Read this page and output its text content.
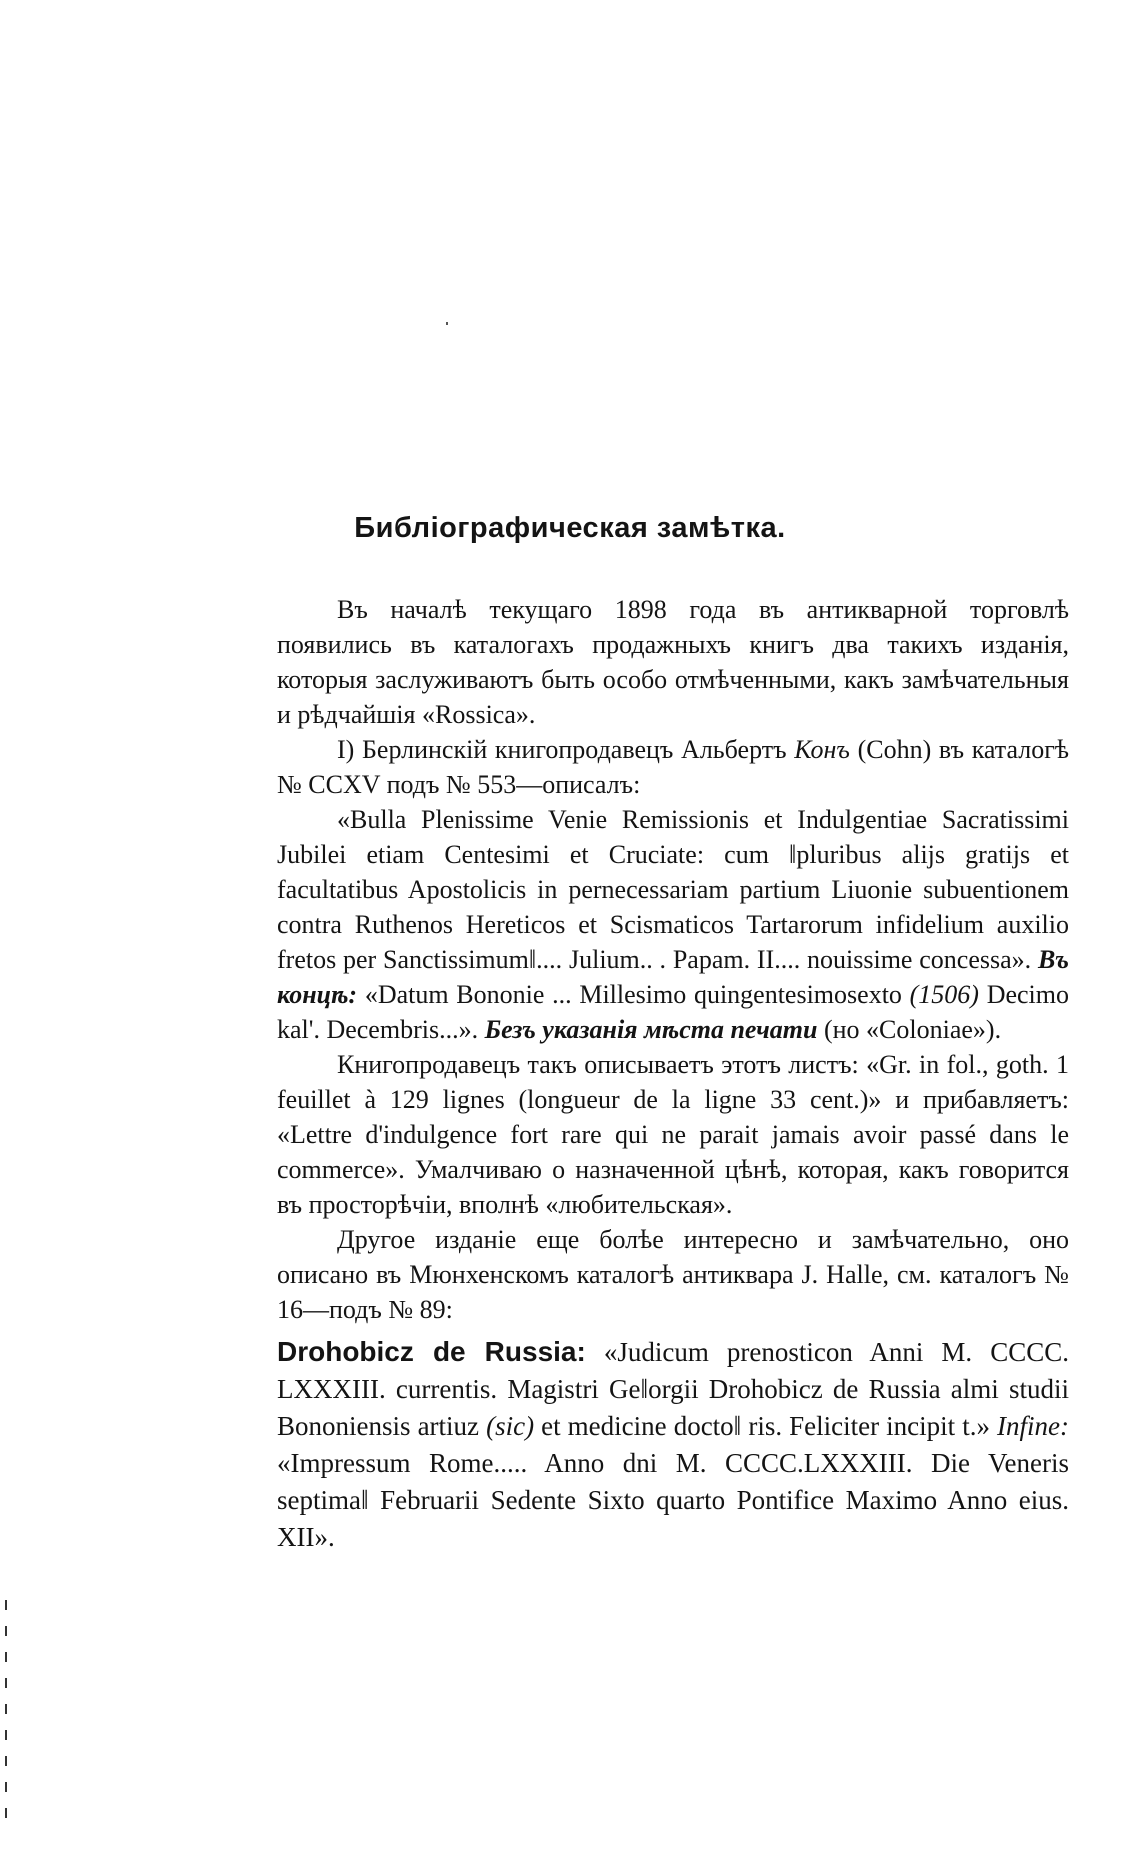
Библіографическая замѣтка.

Въ началѣ текущаго 1898 года въ антикварной торговлѣ появились въ каталогахъ продажныхъ книгъ два такихъ изданія, которыя заслуживаютъ быть особо отмѣченными, какъ замѣчательныя и рѣдчайшія «Rossica».

I) Берлинскій книгопродавецъ Альбертъ Конъ (Cohn) въ каталогѣ № CCXV подъ № 553—описалъ:

«Bulla Plenissime Venie Remissionis et Indulgentiae Sacratissimi Jubilei etiam Centesimi et Cruciate: cum ‖pluribus alijs gratijs et facultatibus Apostolicis in pernecessariam partium Liuonie subuentionem contra Ruthenos Hereticos et Scismaticos Tartarorum infidelium auxilio fretos per Sanctissimum‖.... Julium.. . Papam. II.... nouissime concessa». Въ концѣ: «Datum Bononie ... Millesimo quingentesimosexto (1506) Decimo kal'. Decembris...». Безъ указанія мѣста печати (но «Coloniae»).

Книгопродавецъ такъ описываетъ этотъ листъ: «Gr. in fol., goth. 1 feuillet à 129 lignes (longueur de la ligne 33 cent.)» и прибавляетъ: «Lettre d'indulgence fort rare qui ne parait jamais avoir passé dans le commerce». Умалчиваю о назначенной цѣнѣ, которая, какъ говорится въ просторѣчіи, вполнѣ «любительская».

Другое изданіе еще болѣе интересно и замѣчательно, оно описано въ Мюнхенскомъ каталогѣ антиквара J. Halle, см. каталогъ № 16—подъ № 89:

Drohobicz de Russia: «Judicum prenosticon Anni M. CCCC. LXXXIII. currentis. Magistri Ge‖orgii Drohobicz de Russia almi studii Bononiensis artiuz (sic) et medicine docto‖ ris. Feliciter incipit t.» Infine: «Impressum Rome..... Anno dni M. CCCC.LXXXIII. Die Veneris septima‖ Februarii Sedente Sixto quarto Pontifice Maximo Anno eius. XII».
